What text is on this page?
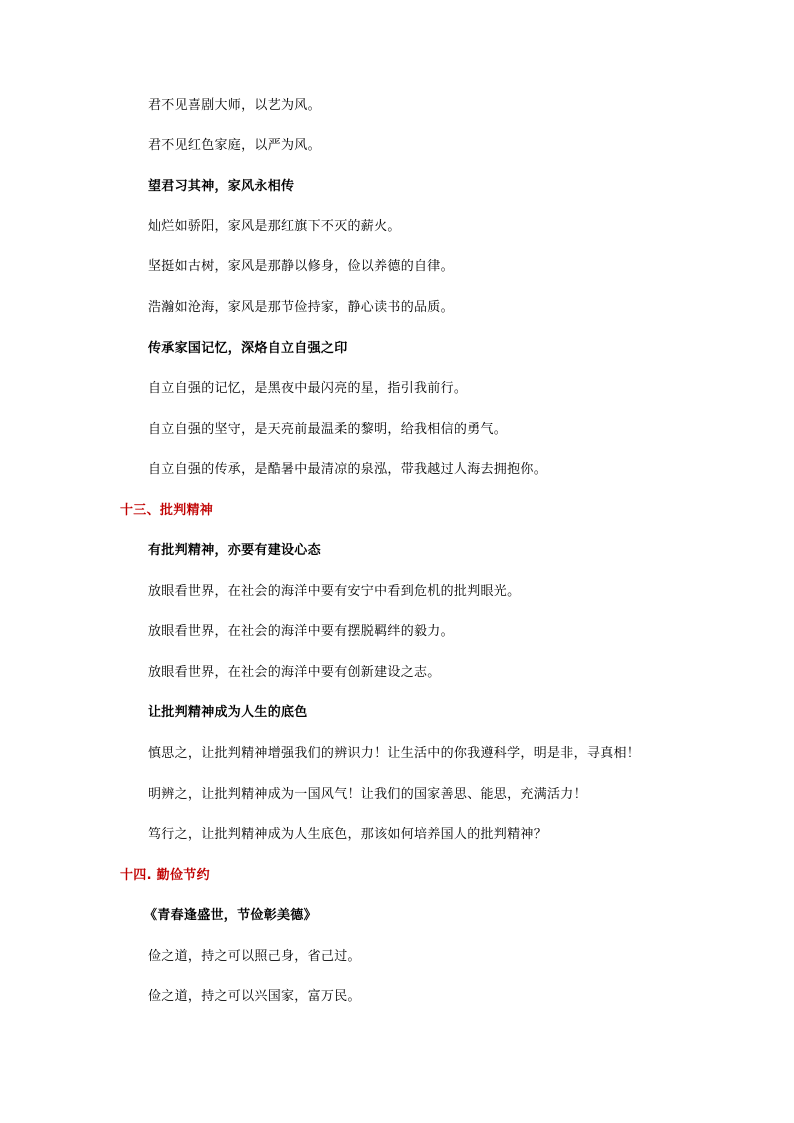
君不见喜剧大师，以艺为风。
君不见红色家庭，以严为风。
望君习其神，家风永相传
灿烂如骄阳，家风是那红旗下不灭的薪火。
坚挺如古树，家风是那静以修身，俭以养德的自律。
浩瀚如沧海，家风是那节俭持家，静心读书的品质。
传承家国记忆，深烙自立自强之印
自立自强的记忆，是黑夜中最闪亮的星，指引我前行。
自立自强的坚守，是天亮前最温柔的黎明，给我相信的勇气。
自立自强的传承，是酷暑中最清凉的泉泓，带我越过人海去拥抱你。
十三、批判精神
有批判精神，亦要有建设心态
放眼看世界，在社会的海洋中要有安宁中看到危机的批判眼光。
放眼看世界，在社会的海洋中要有摆脱羁绊的毅力。
放眼看世界，在社会的海洋中要有创新建设之志。
让批判精神成为人生的底色
慎思之，让批判精神增强我们的辨识力！让生活中的你我遵科学，明是非，寻真相！
明辨之，让批判精神成为一国风气！让我们的国家善思、能思，充满活力！
笃行之，让批判精神成为人生底色，那该如何培养国人的批判精神？
十四. 勤俭节约
《青春逢盛世，节俭彰美德》
俭之道，持之可以照己身，省己过。
俭之道，持之可以兴国家，富万民。
